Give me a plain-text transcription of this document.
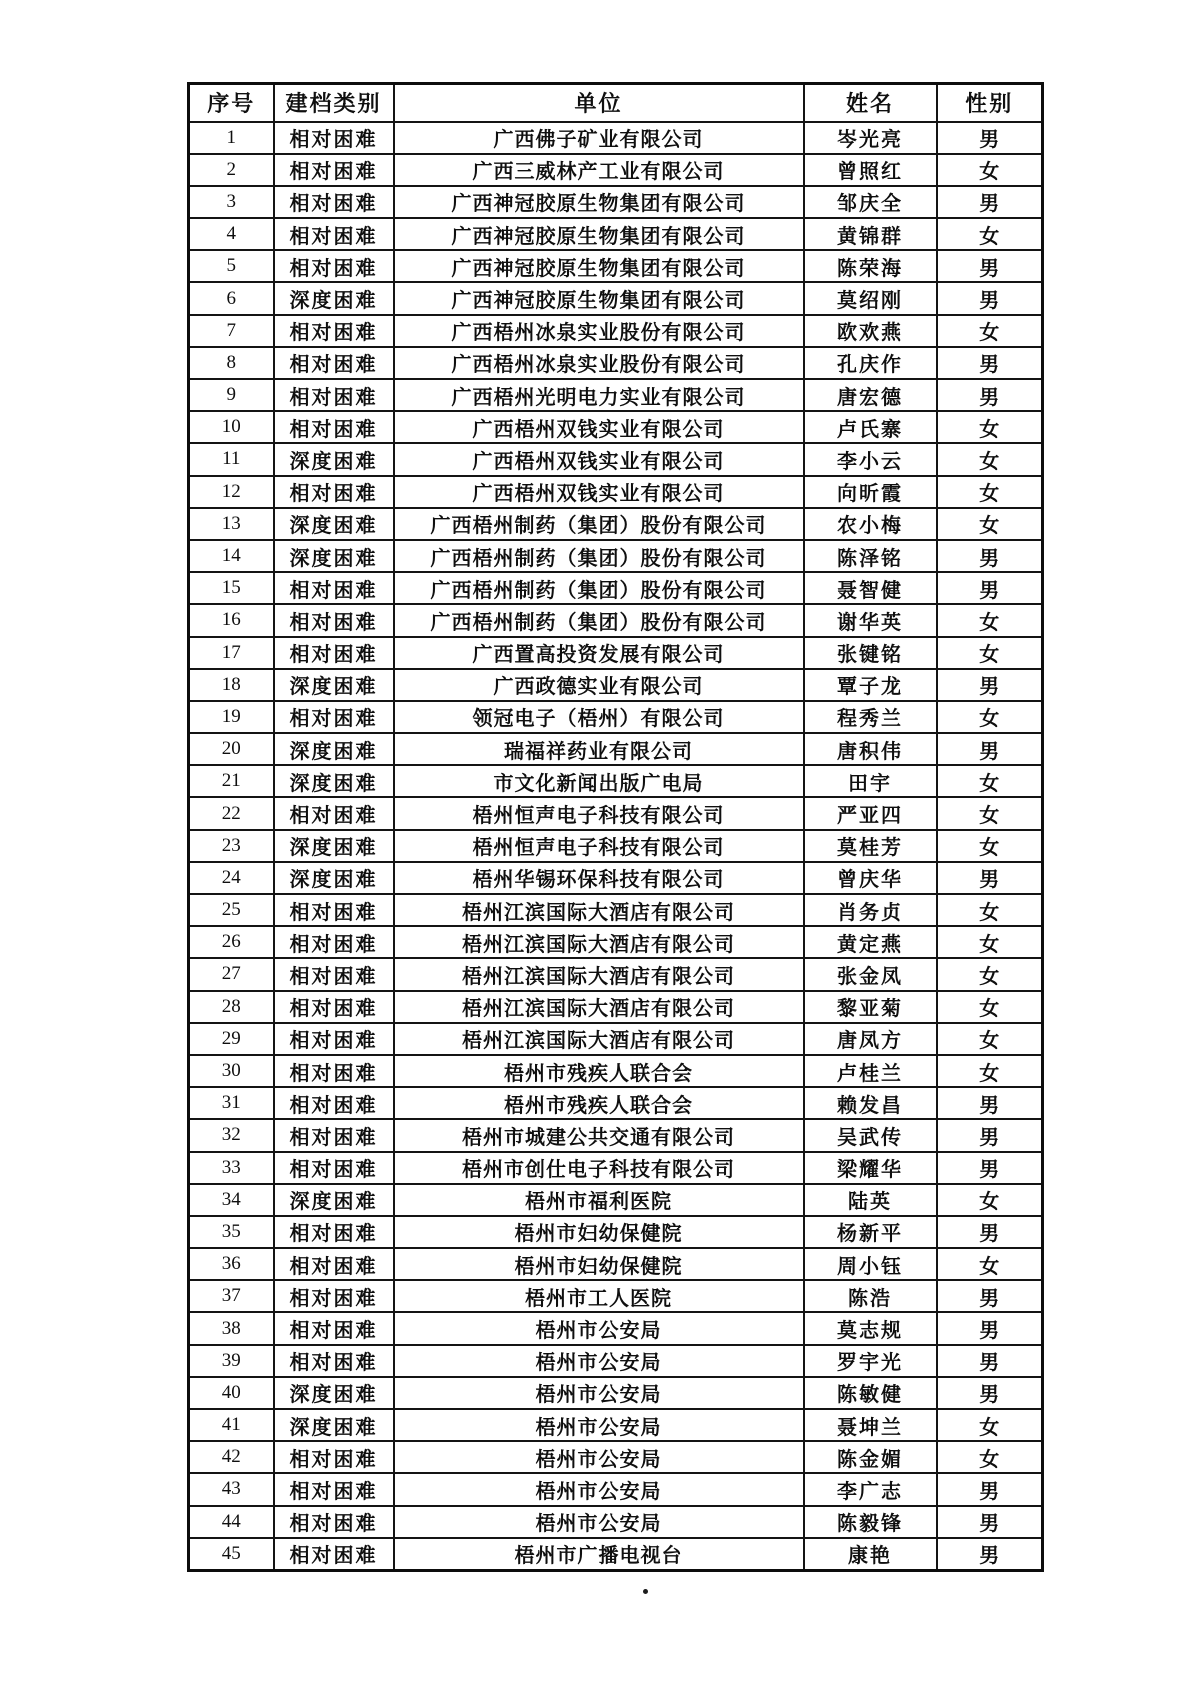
序号	建档类别	单位	姓名	性别
1	相对困难	广西佛子矿业有限公司	岑光亮	男
2	相对困难	广西三威林产工业有限公司	曾照红	女
3	相对困难	广西神冠胶原生物集团有限公司	邹庆全	男
4	相对困难	广西神冠胶原生物集团有限公司	黄锦群	女
5	相对困难	广西神冠胶原生物集团有限公司	陈荣海	男
6	深度困难	广西神冠胶原生物集团有限公司	莫绍刚	男
7	相对困难	广西梧州冰泉实业股份有限公司	欧欢燕	女
8	相对困难	广西梧州冰泉实业股份有限公司	孔庆作	男
9	相对困难	广西梧州光明电力实业有限公司	唐宏德	男
10	相对困难	广西梧州双钱实业有限公司	卢氏寨	女
11	深度困难	广西梧州双钱实业有限公司	李小云	女
12	相对困难	广西梧州双钱实业有限公司	向昕霞	女
13	深度困难	广西梧州制药（集团）股份有限公司	农小梅	女
14	深度困难	广西梧州制药（集团）股份有限公司	陈泽铭	男
15	相对困难	广西梧州制药（集团）股份有限公司	聂智健	男
16	相对困难	广西梧州制药（集团）股份有限公司	谢华英	女
17	相对困难	广西置高投资发展有限公司	张键铭	女
18	深度困难	广西政德实业有限公司	覃子龙	男
19	相对困难	领冠电子（梧州）有限公司	程秀兰	女
20	深度困难	瑞福祥药业有限公司	唐积伟	男
21	深度困难	市文化新闻出版广电局	田宇	女
22	相对困难	梧州恒声电子科技有限公司	严亚四	女
23	深度困难	梧州恒声电子科技有限公司	莫桂芳	女
24	深度困难	梧州华锡环保科技有限公司	曾庆华	男
25	相对困难	梧州江滨国际大酒店有限公司	肖务贞	女
26	相对困难	梧州江滨国际大酒店有限公司	黄定燕	女
27	相对困难	梧州江滨国际大酒店有限公司	张金凤	女
28	相对困难	梧州江滨国际大酒店有限公司	黎亚菊	女
29	相对困难	梧州江滨国际大酒店有限公司	唐凤方	女
30	相对困难	梧州市残疾人联合会	卢桂兰	女
31	相对困难	梧州市残疾人联合会	赖发昌	男
32	相对困难	梧州市城建公共交通有限公司	吴武传	男
33	相对困难	梧州市创仕电子科技有限公司	梁耀华	男
34	深度困难	梧州市福利医院	陆英	女
35	相对困难	梧州市妇幼保健院	杨新平	男
36	相对困难	梧州市妇幼保健院	周小钰	女
37	相对困难	梧州市工人医院	陈浩	男
38	相对困难	梧州市公安局	莫志规	男
39	相对困难	梧州市公安局	罗宇光	男
40	深度困难	梧州市公安局	陈敏健	男
41	深度困难	梧州市公安局	聂坤兰	女
42	相对困难	梧州市公安局	陈金媚	女
43	相对困难	梧州市公安局	李广志	男
44	相对困难	梧州市公安局	陈毅锋	男
45	相对困难	梧州市广播电视台	康艳	男
